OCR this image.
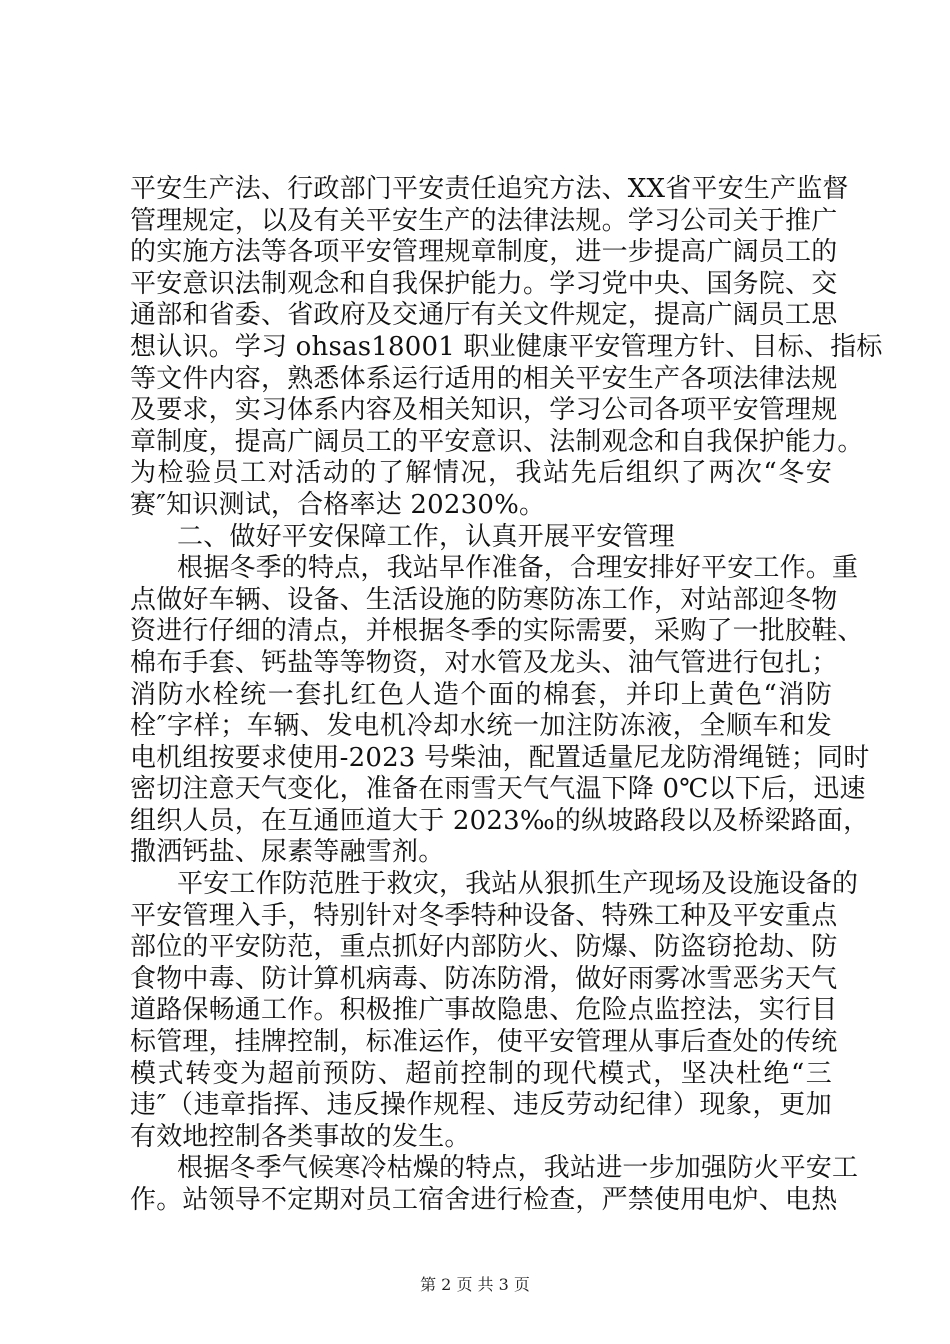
平安生产法、行政部门平安责任追究方法、XX省平安生产监督
管理规定，以及有关平安生产的法律法规。学习公司关于推广
的实施方法等各项平安管理规章制度，进一步提高广阔员工的
平安意识法制观念和自我保护能力。学习党中央、国务院、交
通部和省委、省政府及交通厅有关文件规定，提高广阔员工思
想认识。学习 ohsas18001 职业健康平安管理方针、目标、指标
等文件内容，熟悉体系运行适用的相关平安生产各项法律法规
及要求，实习体系内容及相关知识，学习公司各项平安管理规
章制度，提高广阔员工的平安意识、法制观念和自我保护能力。
为检验员工对活动的了解情况，我站先后组织了两次“冬安
赛″知识测试，合格率达 20230%。
二、做好平安保障工作，认真开展平安管理
根据冬季的特点，我站早作准备，合理安排好平安工作。重
点做好车辆、设备、生活设施的防寒防冻工作，对站部迎冬物
资进行仔细的清点，并根据冬季的实际需要，采购了一批胶鞋、
棉布手套、钙盐等等物资，对水管及龙头、油气管进行包扎；
消防水栓统一套扎红色人造个面的棉套，并印上黄色“消防
栓″字样；车辆、发电机冷却水统一加注防冻液，全顺车和发
电机组按要求使用-2023 号柴油，配置适量尼龙防滑绳链；同时
密切注意天气变化，准备在雨雪天气气温下降 0℃以下后，迅速
组织人员，在互通匝道大于 2023‰的纵坡路段以及桥梁路面，
撒洒钙盐、尿素等融雪剂。
平安工作防范胜于救灾，我站从狠抓生产现场及设施设备的
平安管理入手，特别针对冬季特种设备、特殊工种及平安重点
部位的平安防范，重点抓好内部防火、防爆、防盗窃抢劫、防
食物中毒、防计算机病毒、防冻防滑，做好雨雾冰雪恶劣天气
道路保畅通工作。积极推广事故隐患、危险点监控法，实行目
标管理，挂牌控制，标准运作，使平安管理从事后查处的传统
模式转变为超前预防、超前控制的现代模式，坚决杜绝“三
违″（违章指挥、违反操作规程、违反劳动纪律）现象，更加
有效地控制各类事故的发生。
根据冬季气候寒冷枯燥的特点，我站进一步加强防火平安工
作。站领导不定期对员工宿舍进行检查，严禁使用电炉、电热
第 2 页 共 3 页
